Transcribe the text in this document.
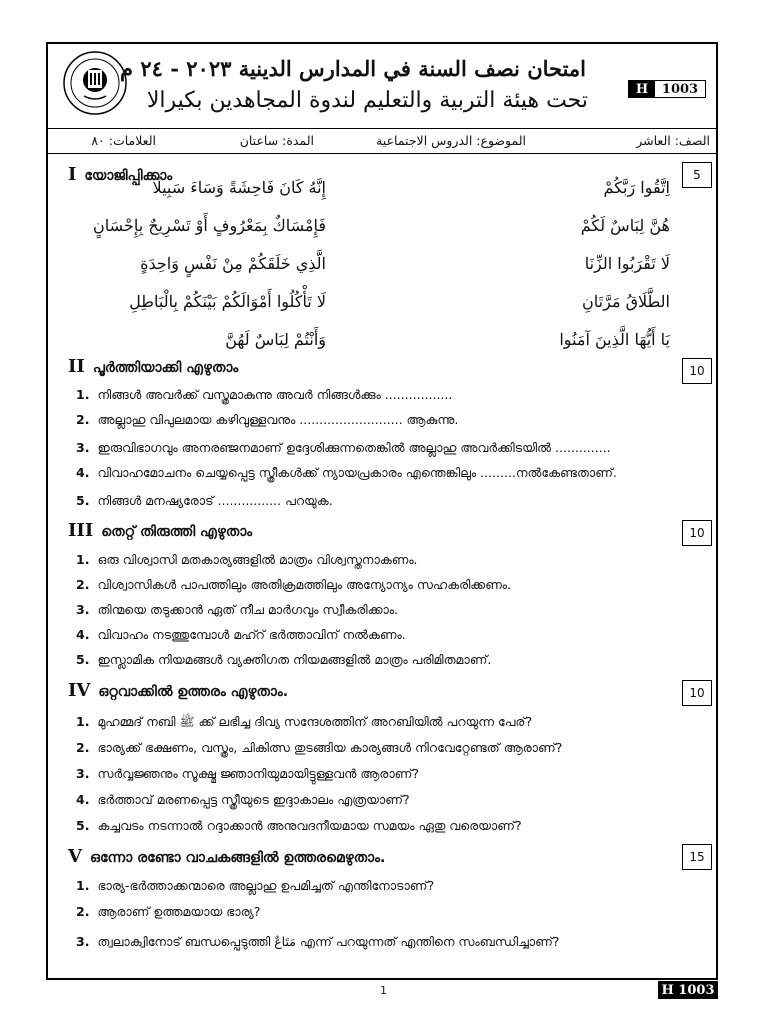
امتحان نصف السنة في المدارس الدينية ٢٠٢٣ - ٢٤ م
تحت هيئة التربية والتعليم لندوة المجاهدين بكيرالا	H	1003
الصف: العاشر
الموضوع: الدروس الاجتماعية
المدة: ساعتان
العلامات: ٨٠
I യോജിപ്പിക്കാം	5
اِتَّقُوا رَبَّكُمْ
إِنَّهُ كَانَ فَاحِشَةً وَسَاءَ سَبِيلًا
هُنَّ لِبَاسٌ لَكُمْ
فَإِمْسَاكٌ بِمَعْرُوفٍ أَوْ تَسْرِيحٌ بِإِحْسَانٍ
لَا تَقْرَبُوا الزِّنَا
الَّذِي خَلَقَكُمْ مِنْ نَفْسٍ وَاحِدَةٍ
الطَّلَاقُ مَرَّتَانِ
لَا تَأْكُلُوا أَمْوَالَكُمْ بَيْنَكُمْ بِالْبَاطِلِ
يَا أَيُّهَا الَّذِينَ آمَنُوا
وَأَنْتُمْ لِبَاسٌ لَهُنَّ
II പൂർത്തിയാക്കി എഴുതാം	10
1. നിങ്ങൾ അവർക്ക് വസ്ത്രമാകുന്നു അവർ നിങ്ങൾക്കും .................
2. അല്ലാഹു വിപുലമായ കഴിവുള്ളവനും .......................... ആകുന്നു.
3. ഇരുവിഭാഗവും അനരഞ്ജനമാണ് ഉദ്ദേശിക്കുന്നതെങ്കിൽ അല്ലാഹു അവർക്കിടയിൽ ..............
4. വിവാഹമോചനം ചെയ്യപ്പെട്ട സ്ത്രീകൾക്ക് ന്യായപ്രകാരം എന്തെങ്കിലും .........നൽകേണ്ടതാണ്.
5. നിങ്ങൾ മനഷ്യരോട് ................ പറയുക.
III തെറ്റ് തിരുത്തി എഴുതാം	10
1. ഒരു വിശ്വാസി മതകാര്യങ്ങളിൽ മാത്രം വിശ്വസ്തനാകണം.
2. വിശ്വാസികൾ പാപത്തിലും അതിക്രമത്തിലും അന്യോന്യം സഹകരിക്കണം.
3. തിന്മയെ തടുക്കാൻ ഏത് നീച മാർഗവും സ്വീകരിക്കാം.
4. വിവാഹം നടത്തുമ്പോൾ മഹ്റ് ഭർത്താവിന് നൽകണം.
5. ഇസ്ലാമിക നിയമങ്ങൾ വ്യക്തിഗത നിയമങ്ങളിൽ മാത്രം പരിമിതമാണ്.
IV ഒറ്റവാക്കിൽ ഉത്തരം എഴുതാം.	10
1. മുഹമ്മദ് നബി ﷺ ക്ക് ലഭിച്ച ദിവ്യ സന്ദേശത്തിന് അറബിയിൽ പറയുന്ന പേര്?
2. ഭാര്യക്ക് ഭക്ഷണം, വസ്ത്രം, ചികിത്സ തുടങ്ങിയ കാര്യങ്ങൾ നിറവേറ്റേണ്ടത് ആരാണ്?
3. സർവ്വജ്ഞനും സൂക്ഷ്മ ജ്ഞാനിയുമായിട്ടുള്ളവൻ ആരാണ്?
4. ഭർത്താവ് മരണപ്പെട്ട സ്ത്രീയുടെ ഇദ്ദാകാലം എത്രയാണ്?
5. കച്ചവടം നടന്നാൽ റദ്ദാക്കാൻ അനുവദനീയമായ സമയം ഏതു വരെയാണ്?
V ഒന്നോ രണ്ടോ വാചകങ്ങളിൽ ഉത്തരമെഴുതാം.	15
1. ഭാര്യ-ഭർത്താക്കന്മാരെ അല്ലാഹു ഉപമിച്ചത് എന്തിനോടാണ്?
2. ആരാണ് ഉത്തമയായ ഭാര്യ?
3. ത്വലാക്വിനോട് ബന്ധപ്പെടുത്തി مَتَاعٌ എന്ന് പറയുന്നത് എന്തിനെ സംബന്ധിച്ചാണ്?
1	H 1003
